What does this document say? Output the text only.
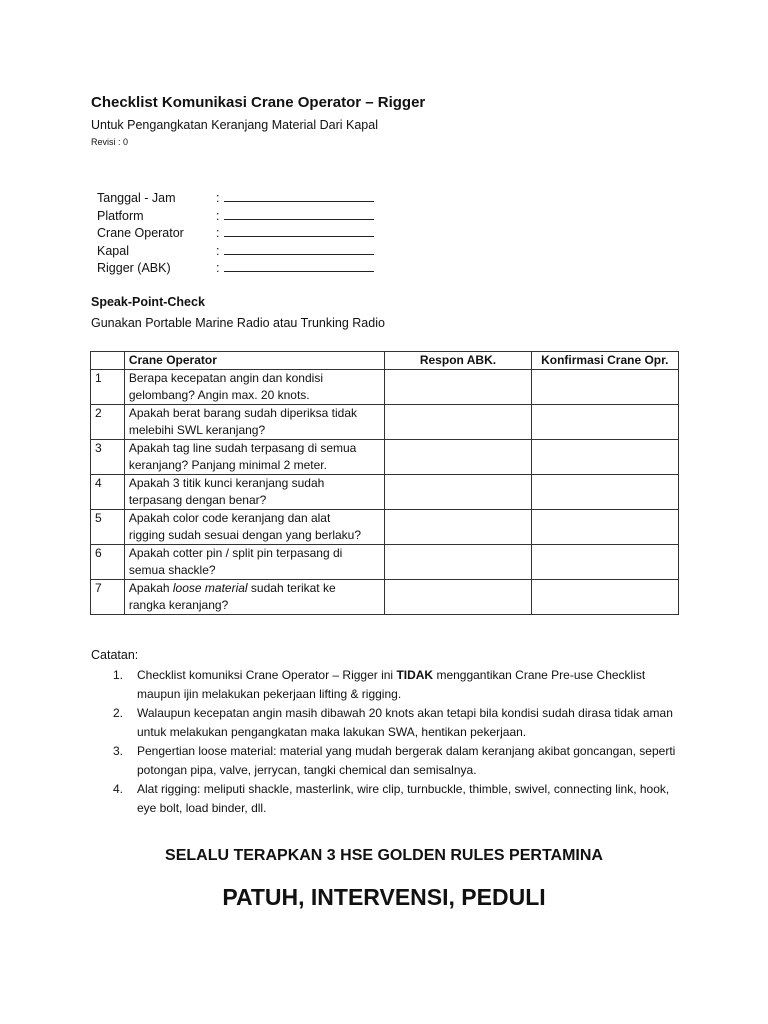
Checklist Komunikasi Crane Operator – Rigger
Untuk Pengangkatan Keranjang Material Dari Kapal
Revisi : 0
Tanggal - Jam	:
Platform	:
Crane Operator	:
Kapal	:
Rigger (ABK)	:
Speak-Point-Check
Gunakan Portable Marine Radio atau Trunking Radio
	Crane Operator	Respon ABK.	Konfirmasi Crane Opr.
1	Berapa kecepatan angin dan kondisi
gelombang? Angin max. 20 knots.		

2	Apakah berat barang sudah diperiksa tidak
melebihi SWL keranjang?		

3	Apakah tag line sudah terpasang di semua
keranjang? Panjang minimal 2 meter.		

4	Apakah 3 titik kunci keranjang sudah
terpasang dengan benar?		

5	Apakah color code keranjang dan alat
rigging sudah sesuai dengan yang berlaku?		

6	Apakah cotter pin / split pin terpasang di
semua shackle?		

7	Apakah loose material sudah terikat ke
rangka keranjang?		

Catatan:
1. Checklist komuniksi Crane Operator – Rigger ini TIDAK menggantikan Crane Pre-use Checklist maupun ijin melakukan pekerjaan lifting & rigging.
2. Walaupun kecepatan angin masih dibawah 20 knots akan tetapi bila kondisi sudah dirasa tidak aman untuk melakukan pengangkatan maka lakukan SWA, hentikan pekerjaan.
3. Pengertian loose material: material yang mudah bergerak dalam keranjang akibat goncangan, seperti potongan pipa, valve, jerrycan, tangki chemical dan semisalnya.
4. Alat rigging: meliputi shackle, masterlink, wire clip, turnbuckle, thimble, swivel, connecting link, hook, eye bolt, load binder, dll.
SELALU TERAPKAN 3 HSE GOLDEN RULES PERTAMINA
PATUH, INTERVENSI, PEDULI
